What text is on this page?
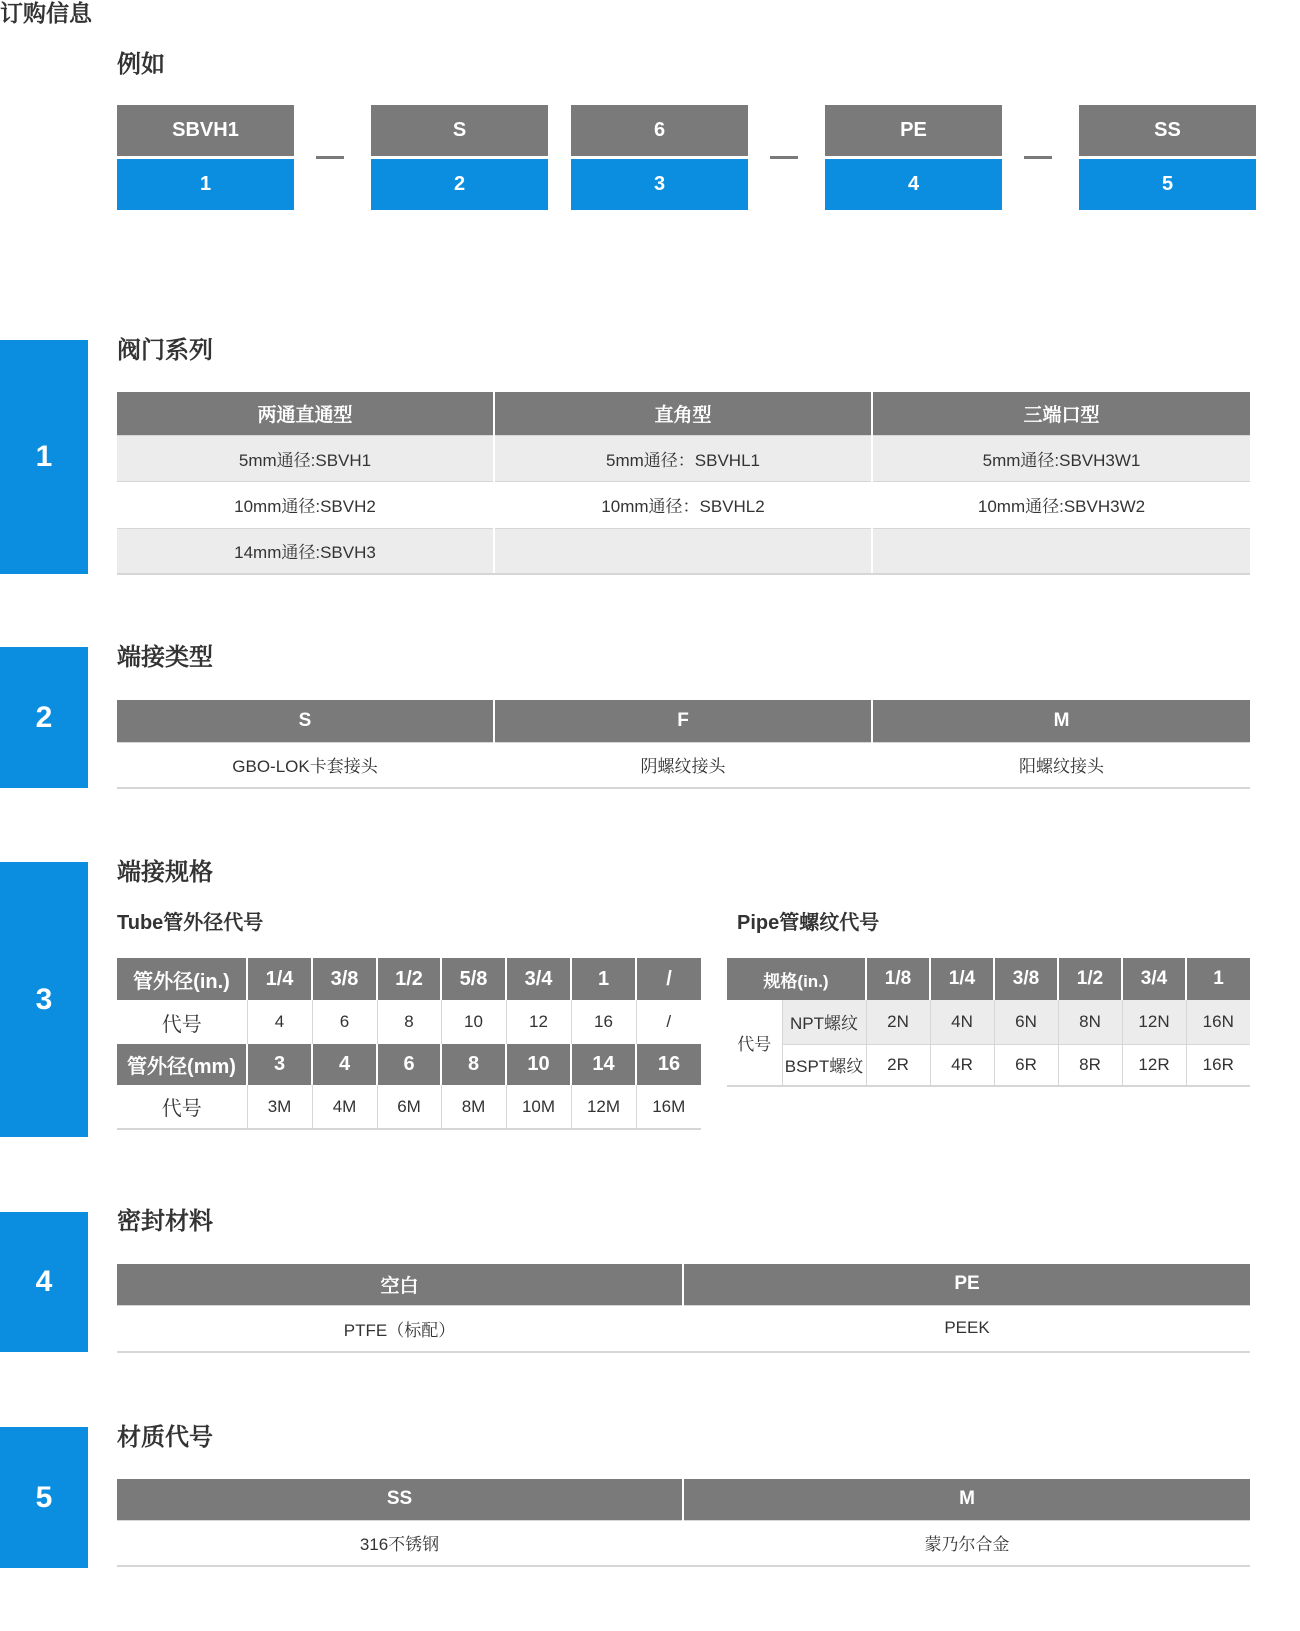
订购信息
例如
SBVH1
1
S
2
6
3
PE
4
SS
5
1
阀门系列
两通直通型	直角型	三端口型
5mm通径:SBVH1	5mm通径：SBVHL1	5mm通径:SBVH3W1
10mm通径:SBVH2	10mm通径：SBVHL2	10mm通径:SBVH3W2
14mm通径:SBVH3		
2
端接类型
S	F	M
GBO-LOK卡套接头	阴螺纹接头	阳螺纹接头
3
端接规格
Tube管外径代号	Pipe管螺纹代号
管外径(in.)	1/4	3/8	1/2	5/8	3/4	1	/
代号	4	6	8	10	12	16	/
管外径(mm)	3	4	6	8	10	14	16
代号	3M	4M	6M	8M	10M	12M	16M
规格(in.)		1/8	1/4	3/8	1/2	3/4	1
代号	NPT螺纹	2N	4N	6N	8N	12N	16N
	BSPT螺纹	2R	4R	6R	8R	12R	16R
4
密封材料
空白	PE
PTFE（标配）	PEEK
5
材质代号
SS	M
316不锈钢	蒙乃尔合金
